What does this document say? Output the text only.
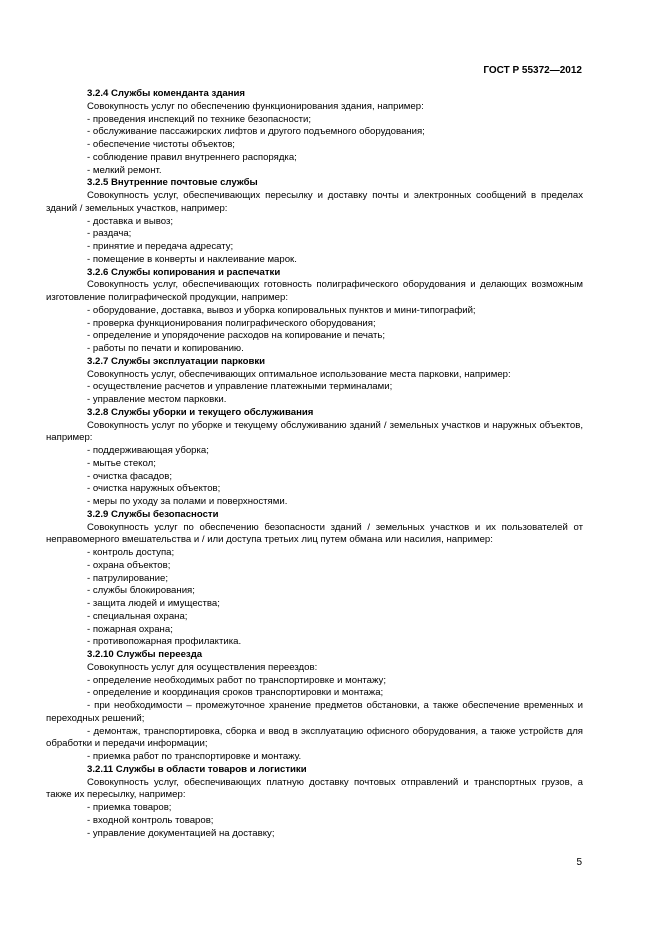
ГОСТ Р 55372—2012
3.2.4 Службы коменданта здания
Совокупность услуг по обеспечению функционирования здания, например:
- проведения инспекций по технике безопасности;
- обслуживание пассажирских лифтов и другого подъемного оборудования;
- обеспечение чистоты объектов;
- соблюдение правил внутреннего распорядка;
- мелкий ремонт.
3.2.5 Внутренние почтовые службы
Совокупность услуг, обеспечивающих пересылку и доставку почты и электронных сообщений в пределах зданий / земельных участков, например:
- доставка и вывоз;
- раздача;
- принятие и передача адресату;
- помещение в конверты и наклеивание марок.
3.2.6 Службы копирования и распечатки
Совокупность услуг, обеспечивающих готовность полиграфического оборудования и делающих возможным изготовление полиграфической продукции, например:
- оборудование, доставка, вывоз и уборка копировальных пунктов и мини-типографий;
- проверка функционирования полиграфического оборудования;
- определение и упорядочение расходов на копирование и печать;
- работы по печати и копированию.
3.2.7 Службы эксплуатации парковки
Совокупность услуг, обеспечивающих оптимальное использование места парковки, например:
- осуществление расчетов и управление платежными терминалами;
- управление местом парковки.
3.2.8 Службы уборки и текущего обслуживания
Совокупность услуг по уборке и текущему обслуживанию зданий / земельных участков и наружных объектов, например:
- поддерживающая уборка;
- мытье стекол;
- очистка фасадов;
- очистка наружных объектов;
- меры по уходу за полами и поверхностями.
3.2.9 Службы безопасности
Совокупность услуг по обеспечению безопасности зданий / земельных участков и их пользователей от неправомерного вмешательства и / или доступа третьих лиц путем обмана или насилия, например:
- контроль доступа;
- охрана объектов;
- патрулирование;
- службы блокирования;
- защита людей и имущества;
- специальная охрана;
- пожарная охрана;
- противопожарная профилактика.
3.2.10 Службы переезда
Совокупность услуг для осуществления переездов:
- определение необходимых работ по транспортировке и монтажу;
- определение и координация сроков транспортировки и монтажа;
- при необходимости – промежуточное хранение предметов обстановки, а также обеспечение временных и переходных решений;
- демонтаж, транспортировка, сборка и ввод в эксплуатацию офисного оборудования, а также устройств для обработки и передачи информации;
- приемка работ по транспортировке и монтажу.
3.2.11 Службы в области товаров и логистики
Совокупность услуг, обеспечивающих платную доставку почтовых отправлений и транспортных грузов, а также их пересылку, например:
- приемка товаров;
- входной контроль товаров;
- управление документацией на доставку;
5
